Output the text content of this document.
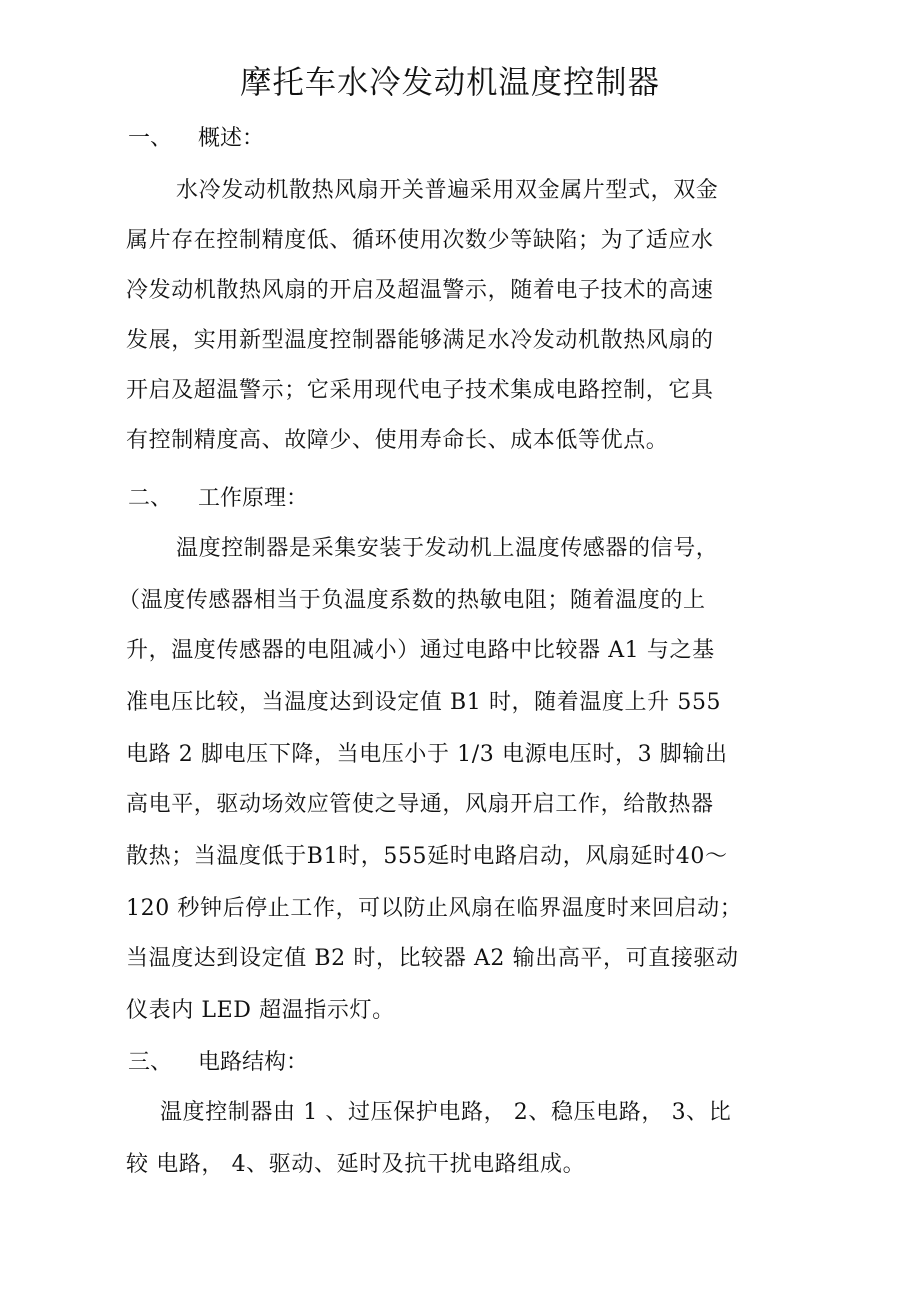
摩托车水冷发动机温度控制器
一、 概述：
水冷发动机散热风扇开关普遍采用双金属片型式，双金
属片存在控制精度低、循环使用次数少等缺陷；为了适应水
冷发动机散热风扇的开启及超温警示，随着电子技术的高速
发展，实用新型温度控制器能够满足水冷发动机散热风扇的
开启及超温警示；它采用现代电子技术集成电路控制，它具
有控制精度高、故障少、使用寿命长、成本低等优点。
二、 工作原理：
温度控制器是采集安装于发动机上温度传感器的信号，
（温度传感器相当于负温度系数的热敏电阻；随着温度的上
升，温度传感器的电阻减小）通过电路中比较器 A1 与之基
准电压比较，当温度达到设定值 B1 时，随着温度上升 555
电路 2 脚电压下降，当电压小于 1/3 电源电压时，3 脚输出
高电平，驱动场效应管使之导通，风扇开启工作，给散热器
散热；当温度低于B1时，555延时电路启动，风扇延时40～
120 秒钟后停止工作，可以防止风扇在临界温度时来回启动；
当温度达到设定值 B2 时，比较器 A2 输出高平，可直接驱动
仪表内 LED 超温指示灯。
三、 电路结构：
温度控制器由 1 、过压保护电路， 2、稳压电路， 3、比
较 电路， 4、驱动、延时及抗干扰电路组成。
